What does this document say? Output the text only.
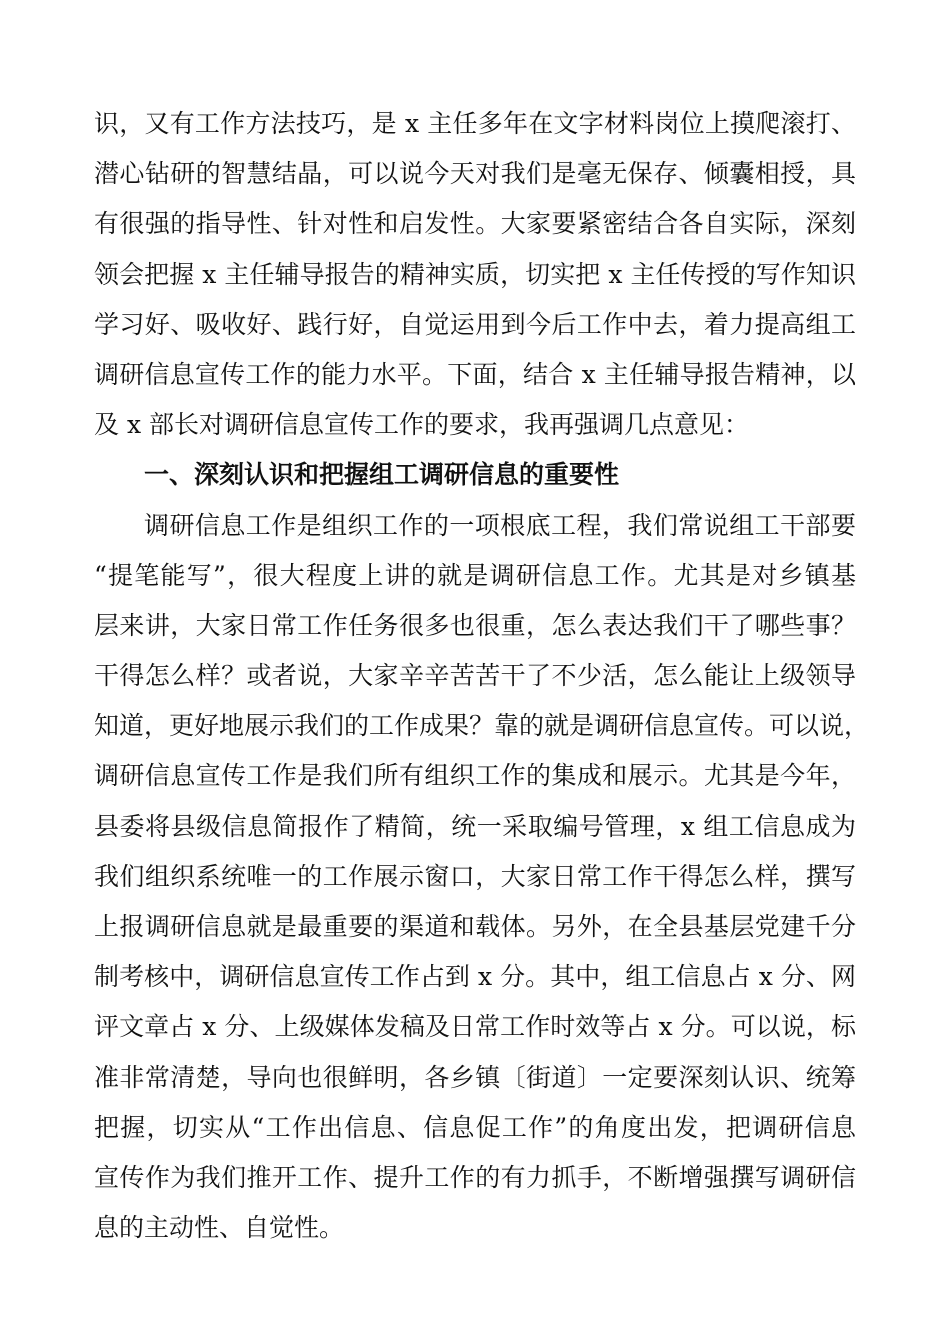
识，又有工作方法技巧，是 x 主任多年在文字材料岗位上摸爬滚打、
潜心钻研的智慧结晶，可以说今天对我们是毫无保存、倾囊相授，具
有很强的指导性、针对性和启发性。大家要紧密结合各自实际，深刻
领会把握 x 主任辅导报告的精神实质，切实把 x 主任传授的写作知识
学习好、吸收好、践行好，自觉运用到今后工作中去，着力提高组工
调研信息宣传工作的能力水平。下面，结合 x 主任辅导报告精神，以
及 x 部长对调研信息宣传工作的要求，我再强调几点意见：
一、深刻认识和把握组工调研信息的重要性
调研信息工作是组织工作的一项根底工程，我们常说组工干部要
“提笔能写”，很大程度上讲的就是调研信息工作。尤其是对乡镇基
层来讲，大家日常工作任务很多也很重，怎么表达我们干了哪些事？
干得怎么样？或者说，大家辛辛苦苦干了不少活，怎么能让上级领导
知道，更好地展示我们的工作成果？靠的就是调研信息宣传。可以说，
调研信息宣传工作是我们所有组织工作的集成和展示。尤其是今年，
县委将县级信息简报作了精简，统一采取编号管理，x 组工信息成为
我们组织系统唯一的工作展示窗口，大家日常工作干得怎么样，撰写
上报调研信息就是最重要的渠道和载体。另外，在全县基层党建千分
制考核中，调研信息宣传工作占到 x 分。其中，组工信息占 x 分、网
评文章占 x 分、上级媒体发稿及日常工作时效等占 x 分。可以说，标
准非常清楚，导向也很鲜明，各乡镇〔街道〕一定要深刻认识、统筹
把握，切实从“工作出信息、信息促工作”的角度出发，把调研信息
宣传作为我们推开工作、提升工作的有力抓手，不断增强撰写调研信
息的主动性、自觉性。
